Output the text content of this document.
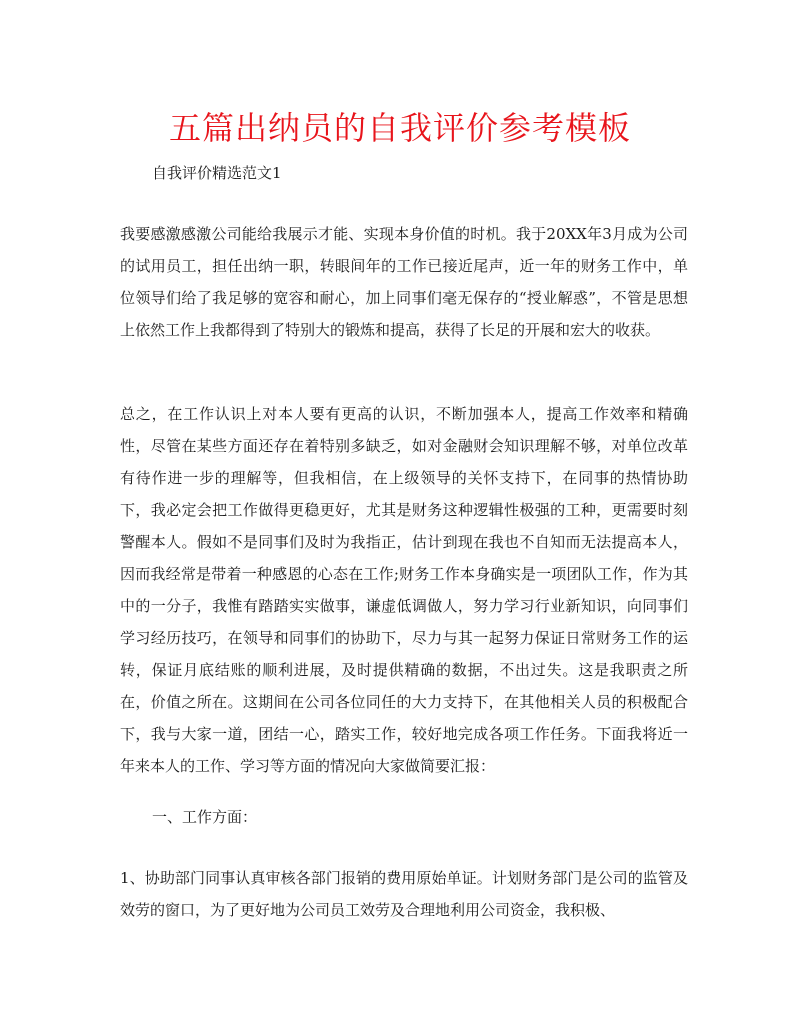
五篇出纳员的自我评价参考模板

自我评价精选范文1

我要感激感激公司能给我展示才能、实现本身价值的时机。我于20XX年3月成为公司的试用员工，担任出纳一职，转眼间年的工作已接近尾声，近一年的财务工作中，单位领导们给了我足够的宽容和耐心，加上同事们毫无保存的“授业解惑”，不管是思想上依然工作上我都得到了特别大的锻炼和提高，获得了长足的开展和宏大的收获。

总之，在工作认识上对本人要有更高的认识，不断加强本人，提高工作效率和精确性，尽管在某些方面还存在着特别多缺乏，如对金融财会知识理解不够，对单位改革有待作进一步的理解等，但我相信，在上级领导的关怀支持下，在同事的热情协助下，我必定会把工作做得更稳更好，尤其是财务这种逻辑性极强的工种，更需要时刻警醒本人。假如不是同事们及时为我指正，估计到现在我也不自知而无法提高本人，因而我经常是带着一种感恩的心态在工作;财务工作本身确实是一项团队工作，作为其中的一分子，我惟有踏踏实实做事，谦虚低调做人，努力学习行业新知识，向同事们学习经历技巧，在领导和同事们的协助下，尽力与其一起努力保证日常财务工作的运转，保证月底结账的顺利进展，及时提供精确的数据，不出过失。这是我职责之所在，价值之所在。这期间在公司各位同任的大力支持下，在其他相关人员的积极配合下，我与大家一道，团结一心，踏实工作，较好地完成各项工作任务。下面我将近一年来本人的工作、学习等方面的情况向大家做简要汇报：

一、工作方面：

1、协助部门同事认真审核各部门报销的费用原始单证。计划财务部门是公司的监管及效劳的窗口，为了更好地为公司员工效劳及合理地利用公司资金，我积极、
